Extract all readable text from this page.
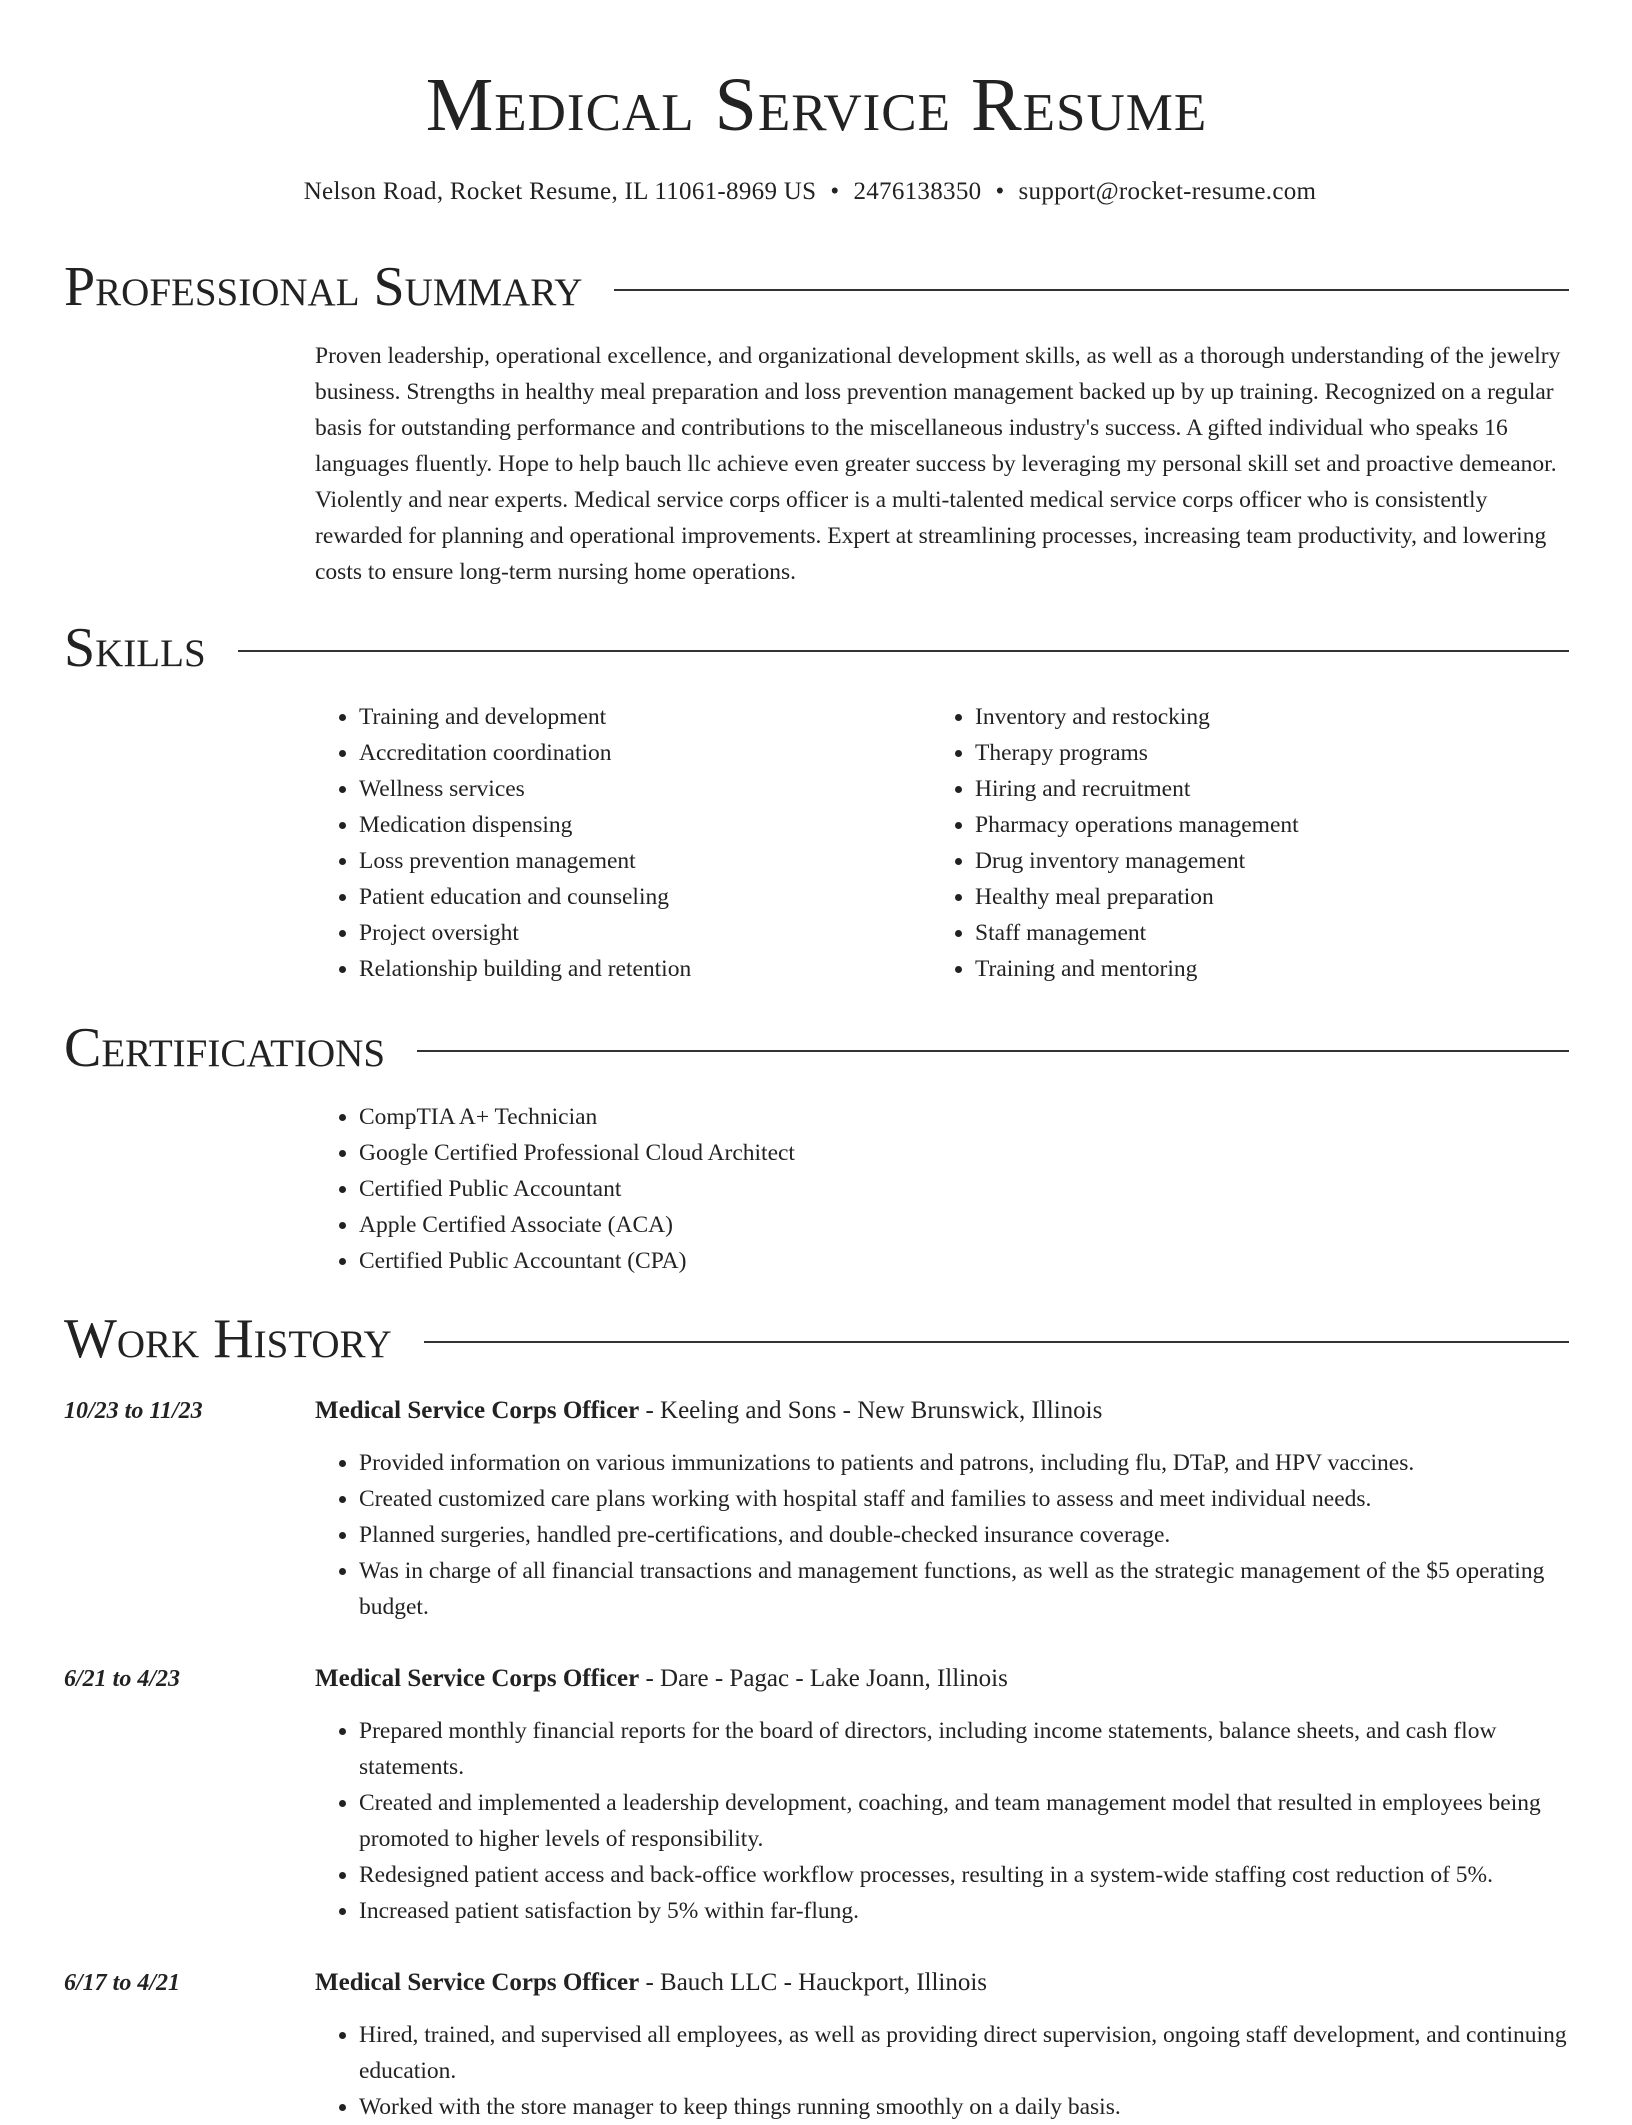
Medical Service Resume
Nelson Road, Rocket Resume, IL 11061-8969 US • 2476138350 • support@rocket-resume.com
Professional Summary
Proven leadership, operational excellence, and organizational development skills, as well as a thorough understanding of the jewelry business. Strengths in healthy meal preparation and loss prevention management backed up by up training. Recognized on a regular basis for outstanding performance and contributions to the miscellaneous industry's success. A gifted individual who speaks 16 languages fluently. Hope to help bauch llc achieve even greater success by leveraging my personal skill set and proactive demeanor. Violently and near experts. Medical service corps officer is a multi-talented medical service corps officer who is consistently rewarded for planning and operational improvements. Expert at streamlining processes, increasing team productivity, and lowering costs to ensure long-term nursing home operations.
Skills
• Training and development
• Accreditation coordination
• Wellness services
• Medication dispensing
• Loss prevention management
• Patient education and counseling
• Project oversight
• Relationship building and retention
• Inventory and restocking
• Therapy programs
• Hiring and recruitment
• Pharmacy operations management
• Drug inventory management
• Healthy meal preparation
• Staff management
• Training and mentoring
Certifications
• CompTIA A+ Technician
• Google Certified Professional Cloud Architect
• Certified Public Accountant
• Apple Certified Associate (ACA)
• Certified Public Accountant (CPA)
Work History
10/23 to 11/23	Medical Service Corps Officer - Keeling and Sons - New Brunswick, Illinois
• Provided information on various immunizations to patients and patrons, including flu, DTaP, and HPV vaccines.
• Created customized care plans working with hospital staff and families to assess and meet individual needs.
• Planned surgeries, handled pre-certifications, and double-checked insurance coverage.
• Was in charge of all financial transactions and management functions, as well as the strategic management of the $5 operating budget.
6/21 to 4/23	Medical Service Corps Officer - Dare - Pagac - Lake Joann, Illinois
• Prepared monthly financial reports for the board of directors, including income statements, balance sheets, and cash flow statements.
• Created and implemented a leadership development, coaching, and team management model that resulted in employees being promoted to higher levels of responsibility.
• Redesigned patient access and back-office workflow processes, resulting in a system-wide staffing cost reduction of 5%.
• Increased patient satisfaction by 5% within far-flung.
6/17 to 4/21	Medical Service Corps Officer - Bauch LLC - Hauckport, Illinois
• Hired, trained, and supervised all employees, as well as providing direct supervision, ongoing staff development, and continuing education.
• Worked with the store manager to keep things running smoothly on a daily basis.
